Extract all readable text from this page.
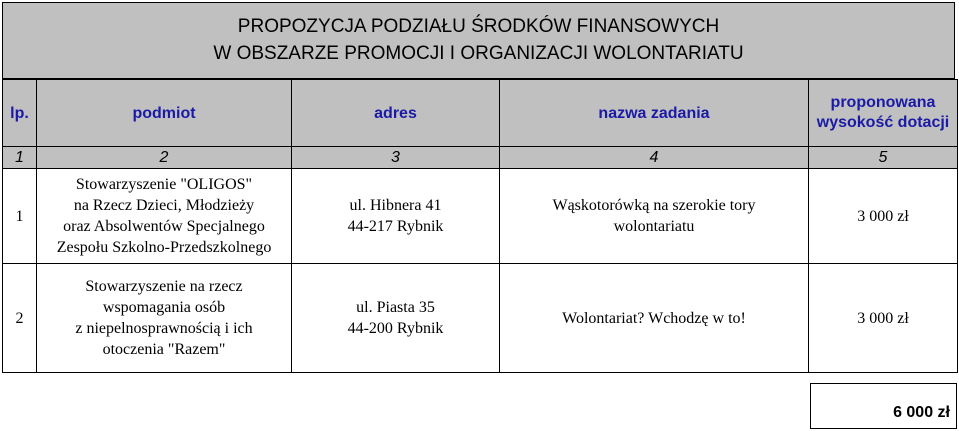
PROPOZYCJA PODZIAŁU ŚRODKÓW FINANSOWYCH
W OBSZARZE PROMOCJI I ORGANIZACJI WOLONTARIATU
lp.	podmiot	adres	nazwa zadania	proponowana
wysokość dotacji

1	2	3	4	5
1	Stowarzyszenie "OLIGOS"
na Rzecz Dzieci, Młodzieży
oraz Absolwentów Specjalnego
Zespołu Szkolno-Przedszkolnego	ul. Hibnera 41
44-217 Rybnik	Wąskotorówką na szerokie tory
wolontariatu	3 000 zł
2	Stowarzyszenie na rzecz
wspomagania osób
z niepelnosprawnością i ich
otoczenia "Razem"	ul. Piasta 35
44-200 Rybnik	Wolontariat? Wchodzę w to!	3 000 zł
6 000 zł
